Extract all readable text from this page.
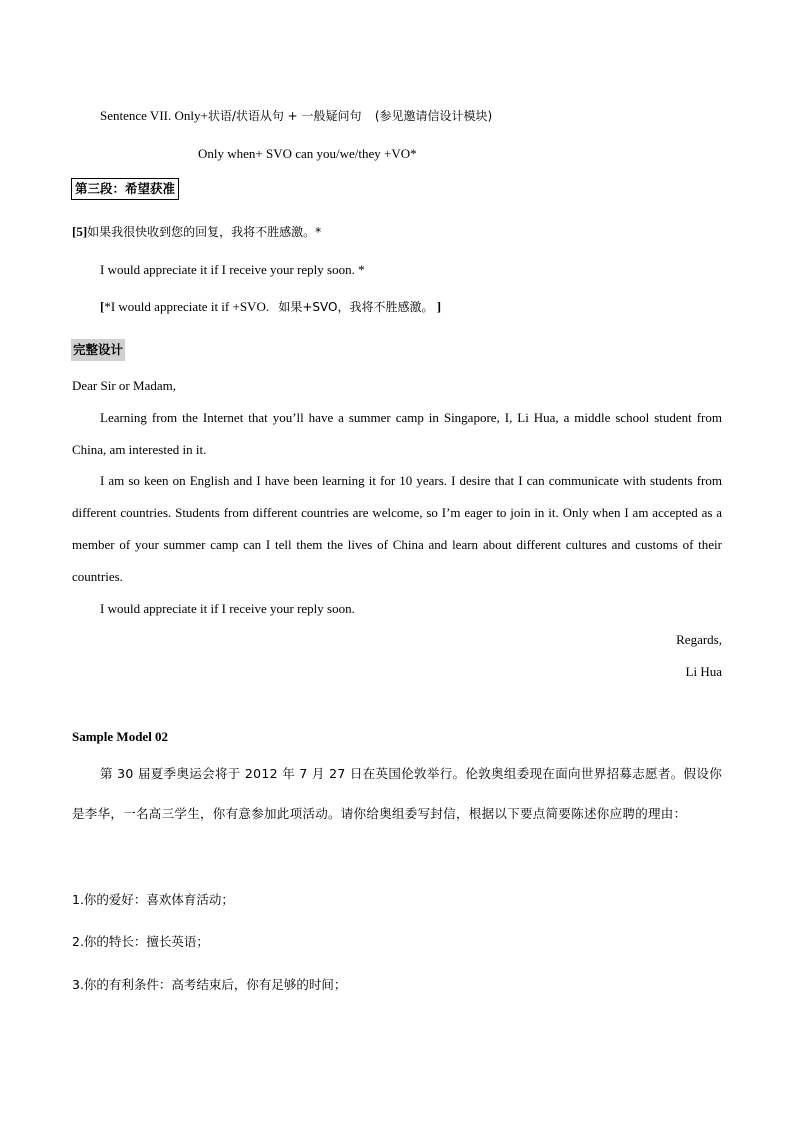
Sentence VII. Only+状语/状语从句 + 一般疑问句 (参见邀请信设计模块)
Only when+ SVO can you/we/they +VO*
第三段：希望获准
[5]如果我很快收到您的回复，我将不胜感激。*
I would appreciate it if I receive your reply soon. *
[*I would appreciate it if +SVO. 如果+SVO，我将不胜感激。 ]
完整设计
Dear Sir or Madam,
Learning from the Internet that you’ll have a summer camp in Singapore, I, Li Hua, a middle school student from China, am interested in it.
I am so keen on English and I have been learning it for 10 years. I desire that I can communicate with students from different countries. Students from different countries are welcome, so I’m eager to join in it. Only when I am accepted as a member of your summer camp can I tell them the lives of China and learn about different cultures and customs of their countries.
I would appreciate it if I receive your reply soon.
Regards,
Li Hua
Sample Model 02
第 30 届夏季奥运会将于 2012 年 7 月 27 日在英国伦敦举行。伦敦奥组委现在面向世界招募志愿者。假设你是李华，一名高三学生，你有意参加此项活动。请你给奥组委写封信，根据以下要点简要陈述你应聘的理由：
1.你的爱好：喜欢体育活动；
2.你的特长：擅长英语；
3.你的有利条件：高考结束后，你有足够的时间；
